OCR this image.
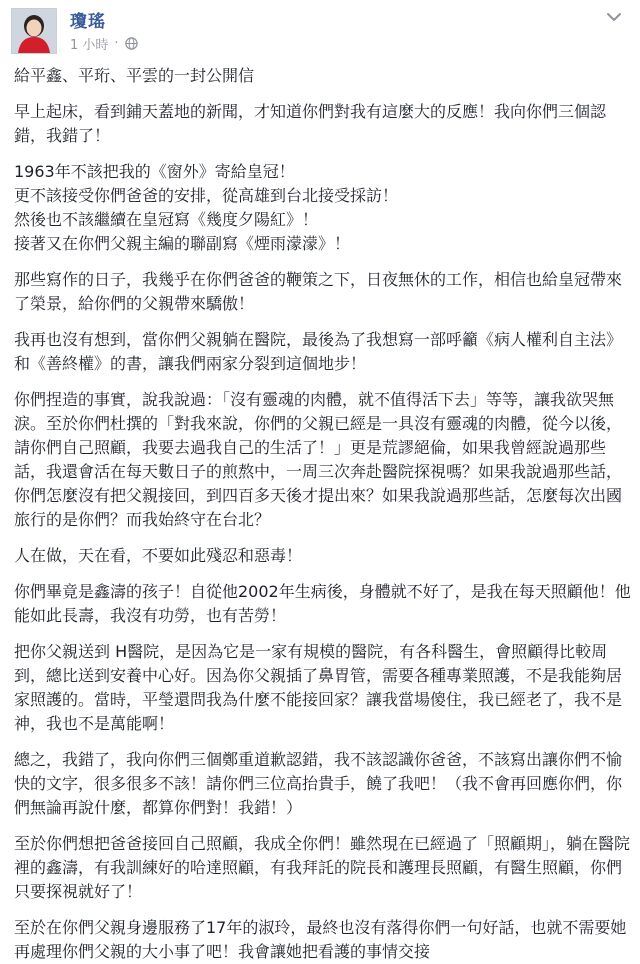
瓊瑤
1 小時 ·

給平鑫、平珩、平雲的一封公開信

早上起床，看到鋪天蓋地的新聞，才知道你們對我有這麼大的反應！我向你們三個認錯，我錯了！

1963年不該把我的《窗外》寄給皇冠！
更不該接受你們爸爸的安排，從高雄到台北接受採訪！
然後也不該繼續在皇冠寫《幾度夕陽紅》！
接著又在你們父親主編的聯副寫《煙雨濛濛》！

那些寫作的日子，我幾乎在你們爸爸的鞭策之下，日夜無休的工作，相信也給皇冠帶來了榮景，給你們的父親帶來驕傲！

我再也沒有想到，當你們父親躺在醫院，最後為了我想寫一部呼籲《病人權利自主法》和《善終權》的書，讓我們兩家分裂到這個地步！

你們捏造的事實，說我說過：「沒有靈魂的肉體，就不值得活下去」等等，讓我欲哭無淚。至於你們杜撰的「對我來說，你們的父親已經是一具沒有靈魂的肉體，從今以後，請你們自己照顧，我要去過我自己的生活了！」更是荒謬絕倫，如果我曾經說過那些話，我還會活在每天數日子的煎熬中，一周三次奔赴醫院探視嗎？如果我說過那些話，你們怎麼沒有把父親接回，到四百多天後才提出來？如果我說過那些話，怎麼每次出國旅行的是你們？而我始終守在台北？

人在做，天在看，不要如此殘忍和惡毒！

你們畢竟是鑫濤的孩子！自從他2002年生病後，身體就不好了，是我在每天照顧他！他能如此長壽，我沒有功勞，也有苦勞！

把你父親送到 H醫院，是因為它是一家有規模的醫院，有各科醫生，會照顧得比較周到，總比送到安養中心好。因為你父親插了鼻胃管，需要各種專業照護，不是我能夠居家照護的。當時，平瑩還問我為什麼不能接回家？讓我當場傻住，我已經老了，我不是神，我也不是萬能啊！

總之，我錯了，我向你們三個鄭重道歉認錯，我不該認識你爸爸，不該寫出讓你們不愉快的文字，很多很多不該！請你們三位高抬貴手，饒了我吧！（我不會再回應你們，你們無論再說什麼，都算你們對！我錯！）

至於你們想把爸爸接回自己照顧，我成全你們！雖然現在已經過了「照顧期」，躺在醫院裡的鑫濤，有我訓練好的哈達照顧，有我拜託的院長和護理長照顧，有醫生照顧，你們只要探視就好了！

至於在你們父親身邊服務了17年的淑玲，最終也沒有落得你們一句好話，也就不需要她再處理你們父親的大小事了吧！我會讓她把看護的事情交接
